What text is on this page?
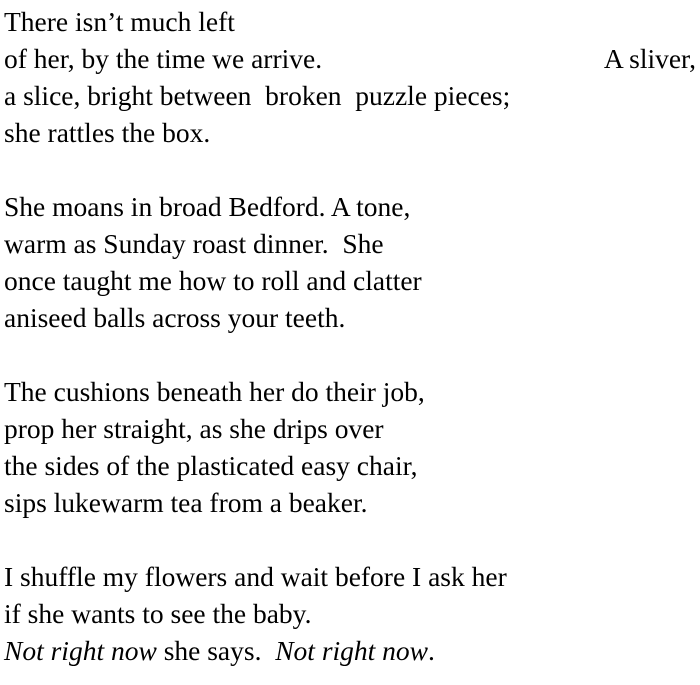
There isn’t much left
of her, by the time we arrive.	A sliver,
a slice, bright between  broken  puzzle pieces;
she rattles the box.
She moans in broad Bedford. A tone,
warm as Sunday roast dinner.  She
once taught me how to roll and clatter
aniseed balls across your teeth.
The cushions beneath her do their job,
prop her straight, as she drips over
the sides of the plasticated easy chair,
sips lukewarm tea from a beaker.
I shuffle my flowers and wait before I ask her
if she wants to see the baby.
Not right now she says.  Not right now.
